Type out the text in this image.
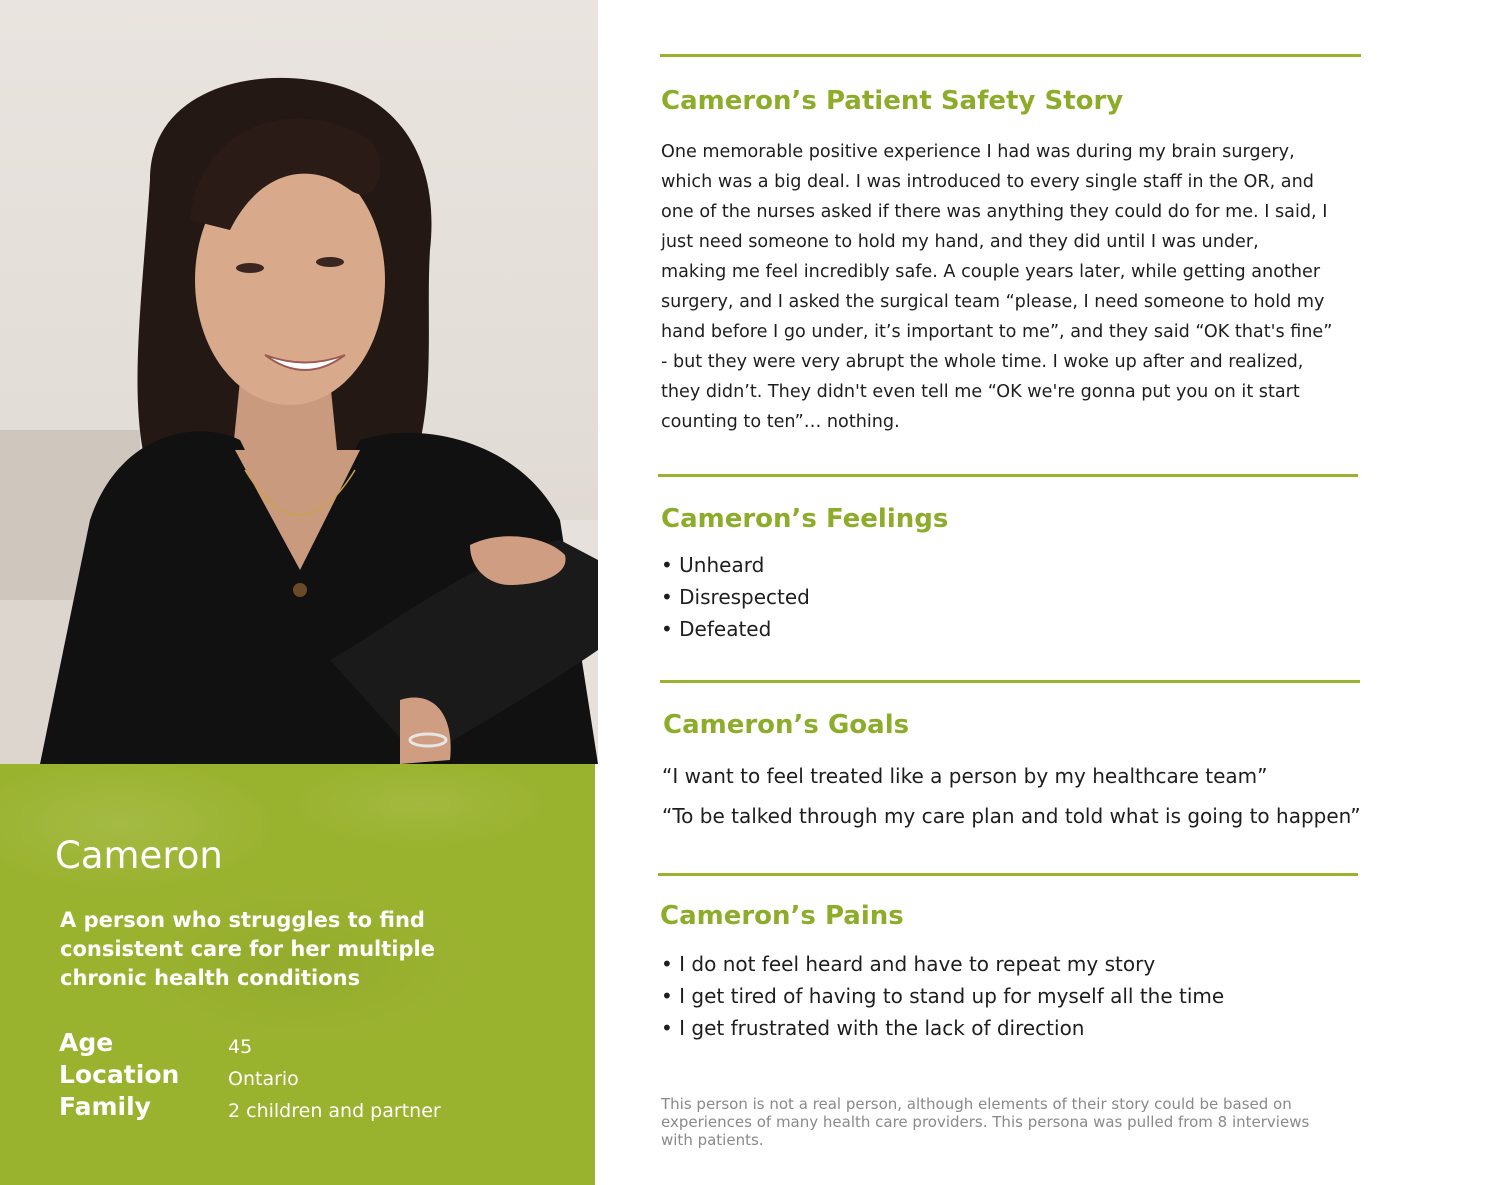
Cameron

A person who struggles to find consistent care for her multiple chronic health conditions

Age	45
Location	Ontario
Family	2 children and partner
Cameron’s Patient Safety Story
One memorable positive experience I had was during my brain surgery,
which was a big deal. I was introduced to every single staff in the OR, and
one of the nurses asked if there was anything they could do for me. I said, I
just need someone to hold my hand, and they did until I was under,
making me feel incredibly safe. A couple years later, while getting another
surgery, and I asked the surgical team “please, I need someone to hold my
hand before I go under, it’s important to me”, and they said “OK that's fine”
- but they were very abrupt the whole time. I woke up after and realized,
they didn’t. They didn't even tell me “OK we're gonna put you on it start
counting to ten”… nothing.
Cameron’s Feelings
• Unheard
• Disrespected
• Defeated
Cameron’s Goals

“I want to feel treated like a person by my healthcare team”

“To be talked through my care plan and told what is going to happen”

Cameron’s Pains
• I do not feel heard and have to repeat my story
• I get tired of having to stand up for myself all the time
• I get frustrated with the lack of direction

This person is not a real person, although elements of their story could be based on experiences of many health care providers. This persona was pulled from 8 interviews with patients.
